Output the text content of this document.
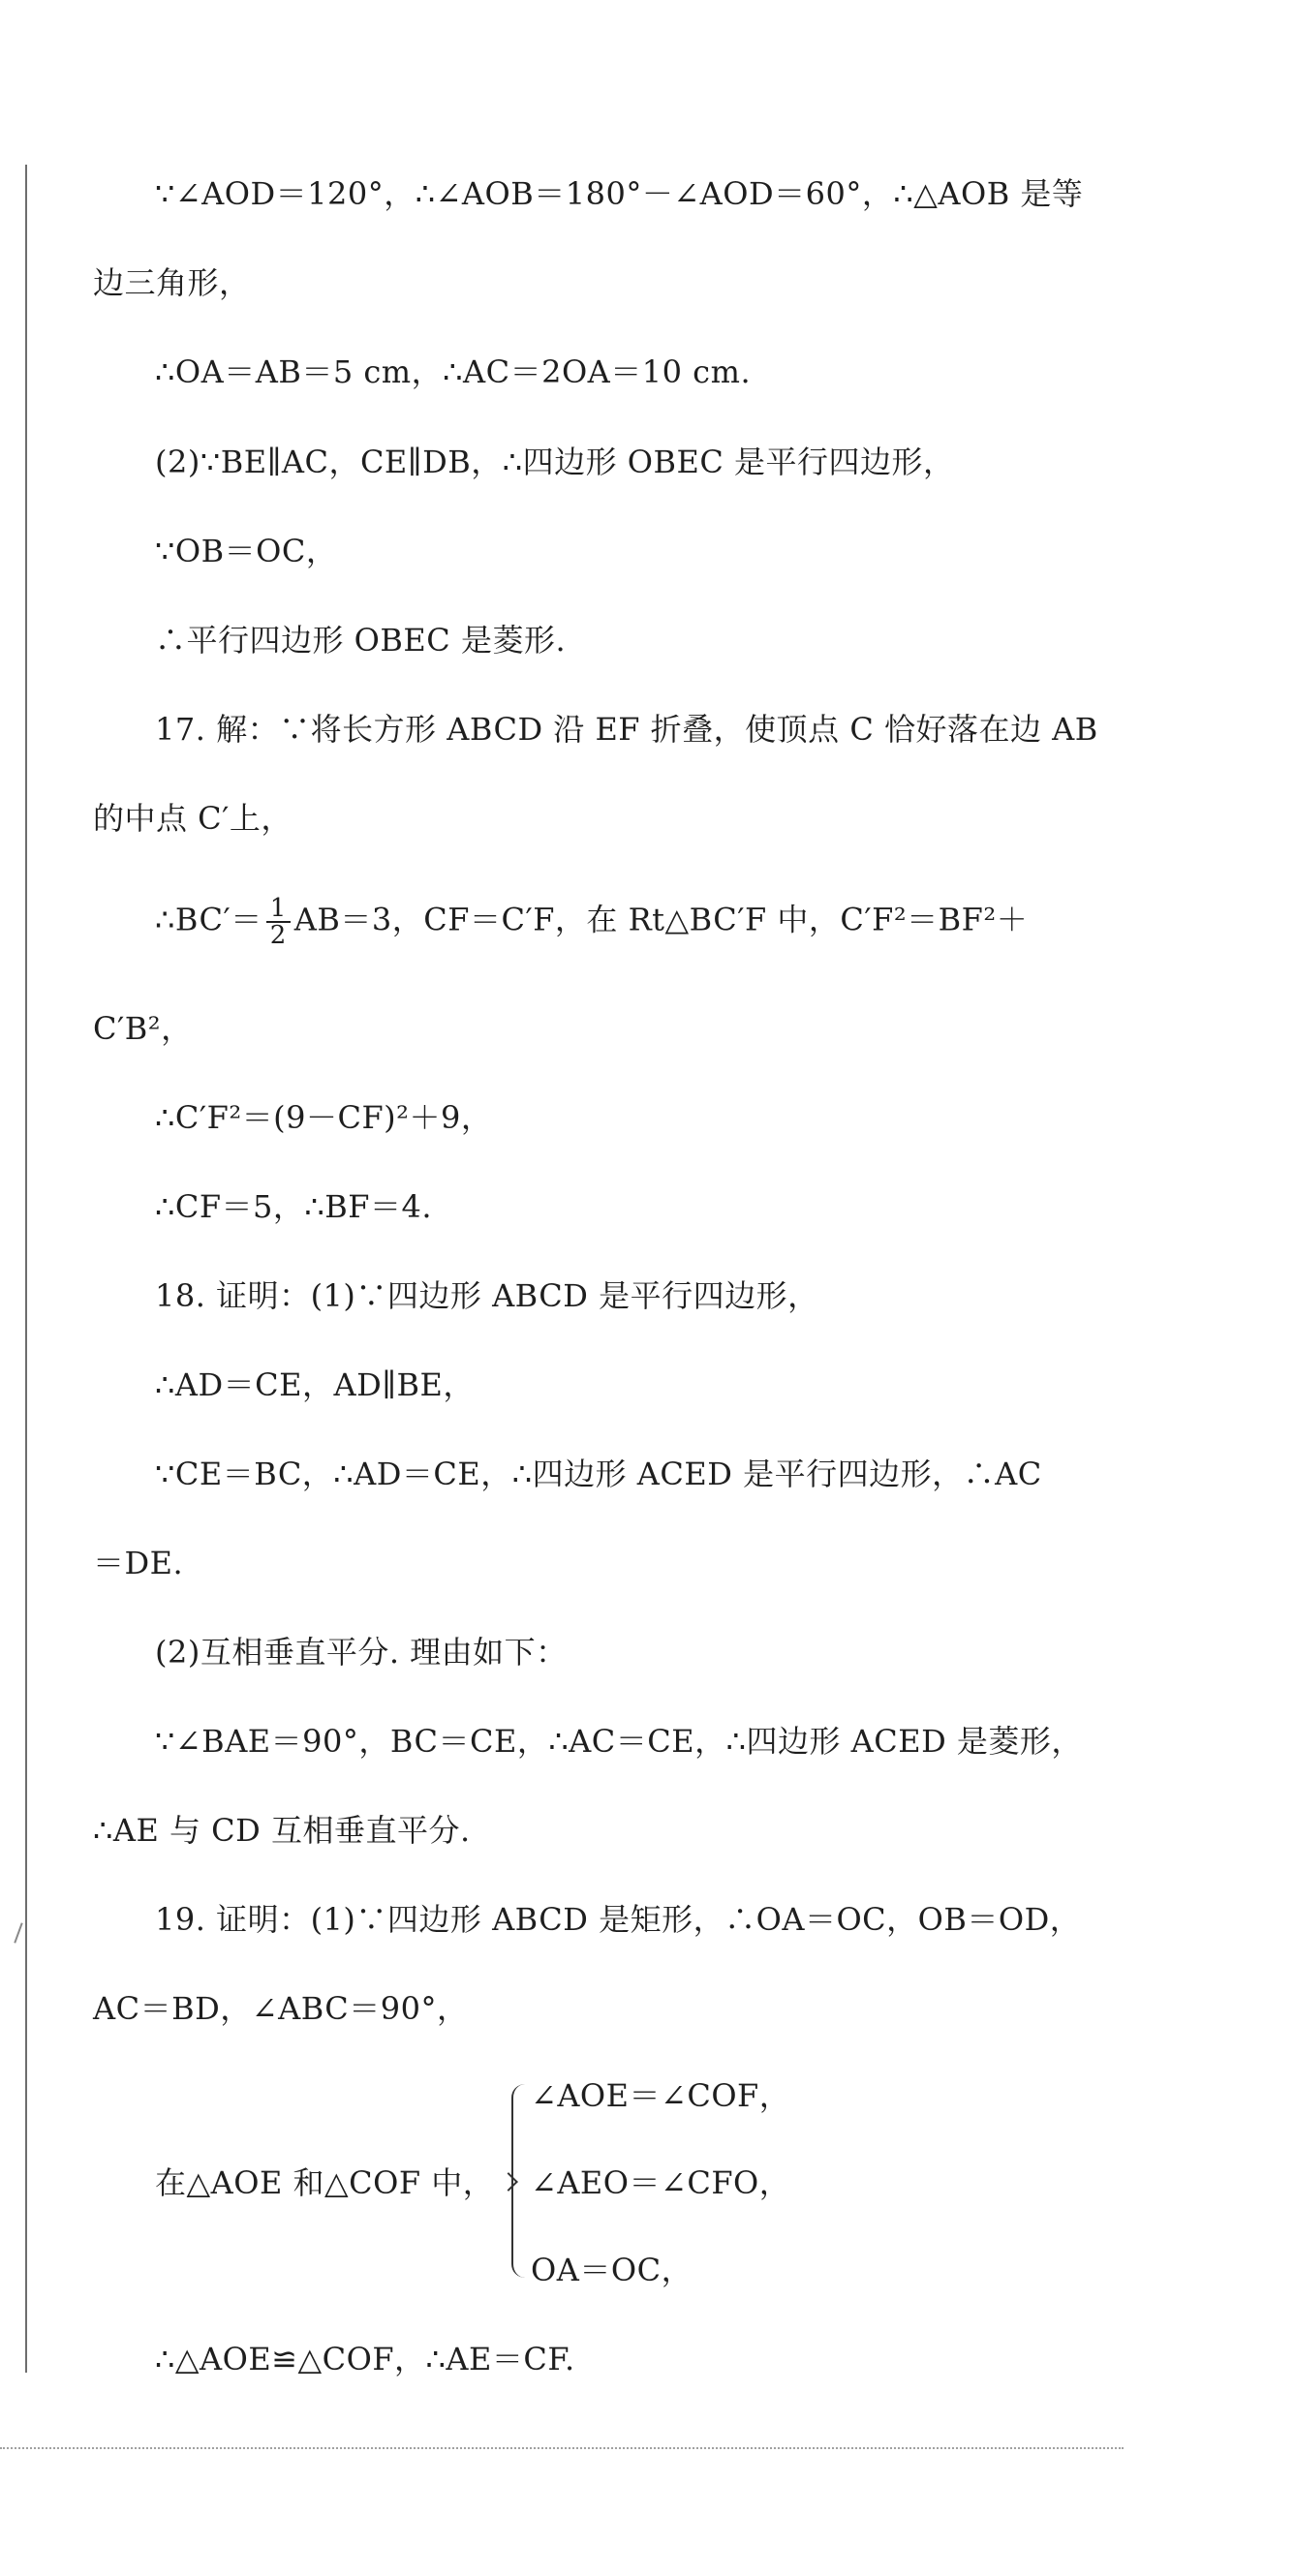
∵∠AOD＝120°，∴∠AOB＝180°－∠AOD＝60°，∴△AOB 是等
边三角形，
∴OA＝AB＝5 cm，∴AC＝2OA＝10 cm.
(2)∵BE∥AC，CE∥DB，∴四边形 OBEC 是平行四边形，
∵OB＝OC，
∴平行四边形 OBEC 是菱形.
17. 解：∵将长方形 ABCD 沿 EF 折叠，使顶点 C 恰好落在边 AB
的中点 C′上，
∴BC′＝ $\frac{1}{2} AB=3$，CF＝C′F，在 Rt△BC′F 中，C′F²＝BF²＋
C′B²，
∴C′F²＝(9－CF)²＋9，
∴CF＝5，∴BF＝4.
18. 证明：(1)∵四边形 ABCD 是平行四边形，
∴AD＝CE，AD∥BE，
∵CE＝BC，∴AD＝CE，∴四边形 ACED 是平行四边形，∴AC
＝DE.
(2)互相垂直平分. 理由如下：
∵∠BAE＝90°，BC＝CE，∴AC＝CE，∴四边形 ACED 是菱形，
∴AE 与 CD 互相垂直平分.
19. 证明：(1)∵四边形 ABCD 是矩形，∴OA＝OC，OB＝OD，
AC＝BD，∠ABC＝90°，
在△AOE 和△COF 中，
∠AOE＝∠COF，
∠AEO＝∠CFO，
OA＝OC，
∴△AOE≌△COF，∴AE＝CF.
